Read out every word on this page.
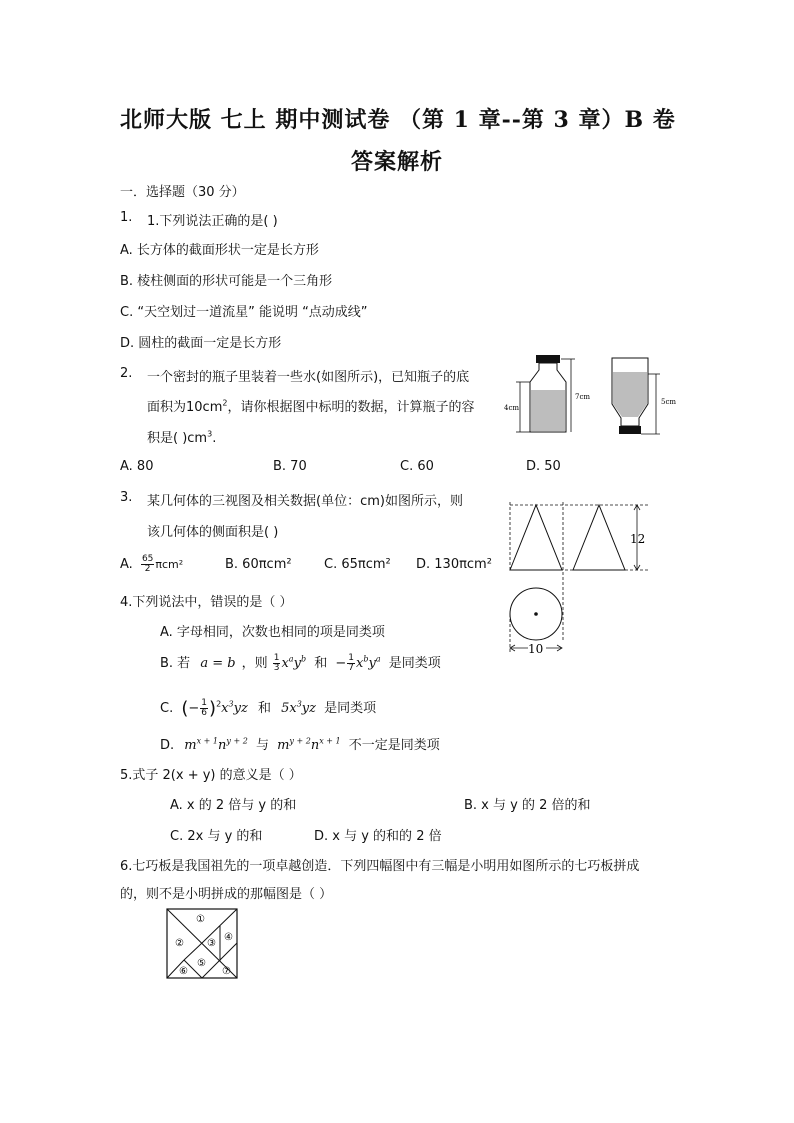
北师大版 七上 期中测试卷 （第 1 章--第 3 章）B 卷
答案解析
一．选择题（30 分）
1. 1.下列说法正确的是( )
A. 长方体的截面形状一定是长方形
B. 棱柱侧面的形状可能是一个三角形
C. “天空划过一道流星” 能说明 “点动成线”
D. 圆柱的截面一定是长方形
2. 一个密封的瓶子里装着一些水(如图所示)，已知瓶子的底
面积为$10cm^2$，请你根据图中标明的数据，计算瓶子的容
积是( )$cm^3$.
A. 80	B. 70	C. 60	D. 50
4cm
7cm
5cm
3. 某几何体的三视图及相关数据(单位：cm)如图所示，则
该几何体的侧面积是( )
A. $\frac{65}{2} \pi cm^2$	B. 60πcm² C. 65πcm² D. 130πcm²
12
10
4.下列说法中，错误的是（ ）
A. 字母相同，次数也相同的项是同类项
B. 若 a = b ，则 $\frac{1}{3} x^ay^b$ 和 − $\frac{1}{7} x^by^a$ 是同类项
C. (− $\frac{1}{6} )^2x^3yz$ 和 $5x^3yz$ 是同类项
D. $m^{x + 1}n^{y + 2}$ 与 $m^{y + 2}n^{x + 1}$ 不一定是同类项
5.式子 2(x + y) 的意义是（ ）
A. x 的 2 倍与 y 的和	B. x 与 y 的 2 倍的和
C. 2x 与 y 的和	D. x 与 y 的和的 2 倍
6.七巧板是我国祖先的一项卓越创造．下列四幅图中有三幅是小明用如图所示的七巧板拼成
的，则不是小明拼成的那幅图是（ ）
①
② ③
④
⑤
⑥	⑦
